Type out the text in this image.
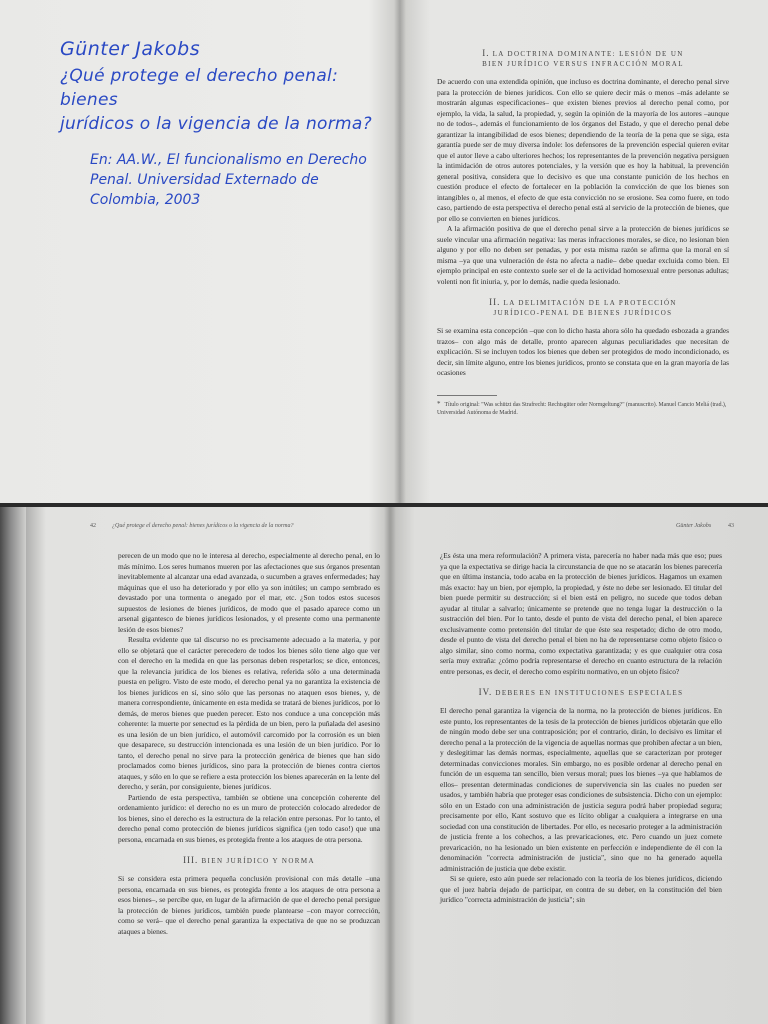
Günter Jakobs
¿Qué protege el derecho penal: bienes
jurídicos o la vigencia de la norma?
En: AA.W., El funcionalismo en Derecho
Penal. Universidad Externado de
Colombia, 2003
I. LA DOCTRINA DOMINANTE: LESIÓN DE UN
BIEN JURÍDICO VERSUS INFRACCIÓN MORAL

De acuerdo con una extendida opinión, que incluso es doctrina dominante, el derecho penal sirve para la protección de bienes jurídicos. Con ello se quiere decir más o menos –más adelante se mostrarán algunas especificaciones– que existen bienes previos al derecho penal como, por ejemplo, la vida, la salud, la propiedad, y, según la opinión de la mayoría de los autores –aunque no de todos–, además el funcionamiento de los órganos del Estado, y que el derecho penal debe garantizar la intangibilidad de esos bienes; dependiendo de la teoría de la pena que se siga, esta garantía puede ser de muy diversa índole: los defensores de la prevención especial quieren evitar que el autor lleve a cabo ulteriores hechos; los representantes de la prevención negativa persiguen la intimidación de otros autores potenciales, y la versión que es hoy la habitual, la prevención general positiva, considera que lo decisivo es que una constante punición de los hechos en cuestión produce el efecto de fortalecer en la población la convicción de que los bienes son intangibles o, al menos, el efecto de que esta convicción no se erosione. Sea como fuere, en todo caso, partiendo de esta perspectiva el derecho penal está al servicio de la protección de bienes, que por ello se convierten en bienes jurídicos.

A la afirmación positiva de que el derecho penal sirve a la protección de bienes jurídicos se suele vincular una afirmación negativa: las meras infracciones morales, se dice, no lesionan bien alguno y por ello no deben ser penadas, y por esta misma razón se afirma que la moral en sí misma –ya que una vulneración de ésta no afecta a nadie– debe quedar excluida como bien. El ejemplo principal en este contexto suele ser el de la actividad homosexual entre personas adultas; volenti non fit iniuria, y, por lo demás, nadie queda lesionado.

II. LA DELIMITACIÓN DE LA PROTECCIÓN
JURÍDICO-PENAL DE BIENES JURÍDICOS

Si se examina esta concepción –que con lo dicho hasta ahora sólo ha quedado esbozada a grandes trazos– con algo más de detalle, pronto aparecen algunas peculiaridades que necesitan de explicación. Si se incluyen todos los bienes que deben ser protegidos de modo incondicionado, es decir, sin límite alguno, entre los bienes jurídicos, pronto se constata que en la gran mayoría de las ocasiones

* Título original: "Was schützt das Strafrecht: Rechtsgüter oder Normgeltung?" (manuscrito). Manuel Cancio Meliá (trad.), Universidad Autónoma de Madrid.
42	¿Qué protege el derecho penal: bienes jurídicos o la vigencia de la norma?

perecen de un modo que no le interesa al derecho, especialmente al derecho penal, en lo más mínimo. Los seres humanos mueren por las afectaciones que sus órganos presentan inevitablemente al alcanzar una edad avanzada, o sucumben a graves enfermedades; hay máquinas que el uso ha deteriorado y por ello ya son inútiles; un campo sembrado es devastado por una tormenta o anegado por el mar, etc. ¿Son todos estos sucesos supuestos de lesiones de bienes jurídicos, de modo que el pasado aparece como un arsenal gigantesco de bienes jurídicos lesionados, y el presente como una permanente lesión de esos bienes?

Resulta evidente que tal discurso no es precisamente adecuado a la materia, y por ello se objetará que el carácter perecedero de todos los bienes sólo tiene algo que ver con el derecho en la medida en que las personas deben respetarlos; se dice, entonces, que la relevancia jurídica de los bienes es relativa, referida sólo a una determinada puesta en peligro. Visto de este modo, el derecho penal ya no garantiza la existencia de los bienes jurídicos en sí, sino sólo que las personas no ataquen esos bienes, y, de manera correspondiente, únicamente en esta medida se tratará de bienes jurídicos, por lo demás, de meros bienes que pueden perecer. Esto nos conduce a una concepción más coherente: la muerte por senectud es la pérdida de un bien, pero la puñalada del asesino es una lesión de un bien jurídico, el automóvil carcomido por la corrosión es un bien que desaparece, su destrucción intencionada es una lesión de un bien jurídico. Por lo tanto, el derecho penal no sirve para la protección genérica de bienes que han sido proclamados como bienes jurídicos, sino para la protección de bienes contra ciertos ataques, y sólo en lo que se refiere a esta protección los bienes aparecerán en la lente del derecho, y serán, por consiguiente, bienes jurídicos.

Partiendo de esta perspectiva, también se obtiene una concepción coherente del ordenamiento jurídico: el derecho no es un muro de protección colocado alrededor de los bienes, sino el derecho es la estructura de la relación entre personas. Por lo tanto, el derecho penal como protección de bienes jurídicos significa (¡en todo caso!) que una persona, encarnada en sus bienes, es protegida frente a los ataques de otra persona.

III. BIEN JURÍDICO Y NORMA

Si se considera esta primera pequeña conclusión provisional con más detalle –una persona, encarnada en sus bienes, es protegida frente a los ataques de otra persona a esos bienes–, se percibe que, en lugar de la afirmación de que el derecho penal persigue la protección de bienes jurídicos, también puede plantearse –con mayor corrección, como se verá– que el derecho penal garantiza la expectativa de que no se produzcan ataques a bienes.

Günter Jakobs	43

¿Es ésta una mera reformulación? A primera vista, parecería no haber nada más que eso; pues ya que la expectativa se dirige hacia la circunstancia de que no se atacarán los bienes parecería que en última instancia, todo acaba en la protección de bienes jurídicos. Hagamos un examen más exacto: hay un bien, por ejemplo, la propiedad, y éste no debe ser lesionado. El titular del bien puede permitir su destrucción; si el bien está en peligro, no sucede que todos deban ayudar al titular a salvarlo; únicamente se pretende que no tenga lugar la destrucción o la sustracción del bien. Por lo tanto, desde el punto de vista del derecho penal, el bien aparece exclusivamente como pretensión del titular de que éste sea respetado; dicho de otro modo, desde el punto de vista del derecho penal el bien no ha de representarse como objeto físico o algo similar, sino como norma, como expectativa garantizada; y es que cualquier otra cosa sería muy extraña: ¿cómo podría representarse el derecho en cuanto estructura de la relación entre personas, es decir, el derecho como espíritu normativo, en un objeto físico?

IV. DEBERES EN INSTITUCIONES ESPECIALES

El derecho penal garantiza la vigencia de la norma, no la protección de bienes jurídicos. En este punto, los representantes de la tesis de la protección de bienes jurídicos objetarán que ello de ningún modo debe ser una contraposición; por el contrario, dirán, lo decisivo es limitar el derecho penal a la protección de la vigencia de aquellas normas que prohíben afectar a un bien, y deslegitimar las demás normas, especialmente, aquellas que se caracterizan por proteger determinadas convicciones morales. Sin embargo, no es posible ordenar al derecho penal en función de un esquema tan sencillo, bien versus moral; pues los bienes –ya que hablamos de ellos– presentan determinadas condiciones de supervivencia sin las cuales no pueden ser usados, y también habría que proteger esas condiciones de subsistencia. Dicho con un ejemplo: sólo en un Estado con una administración de justicia segura podrá haber propiedad segura; precisamente por ello, Kant sostuvo que es lícito obligar a cualquiera a integrarse en una sociedad con una constitución de libertades. Por ello, es necesario proteger a la administración de justicia frente a los cohechos, a las prevaricaciones, etc. Pero cuando un juez comete prevaricación, no ha lesionado un bien existente en perfección e independiente de él con la denominación "correcta administración de justicia", sino que no ha generado aquella administración de justicia que debe existir.

Si se quiere, esto aún puede ser relacionado con la teoría de los bienes jurídicos, diciendo que el juez habría dejado de participar, en contra de su deber, en la constitución del bien jurídico "correcta administración de justicia"; sin
